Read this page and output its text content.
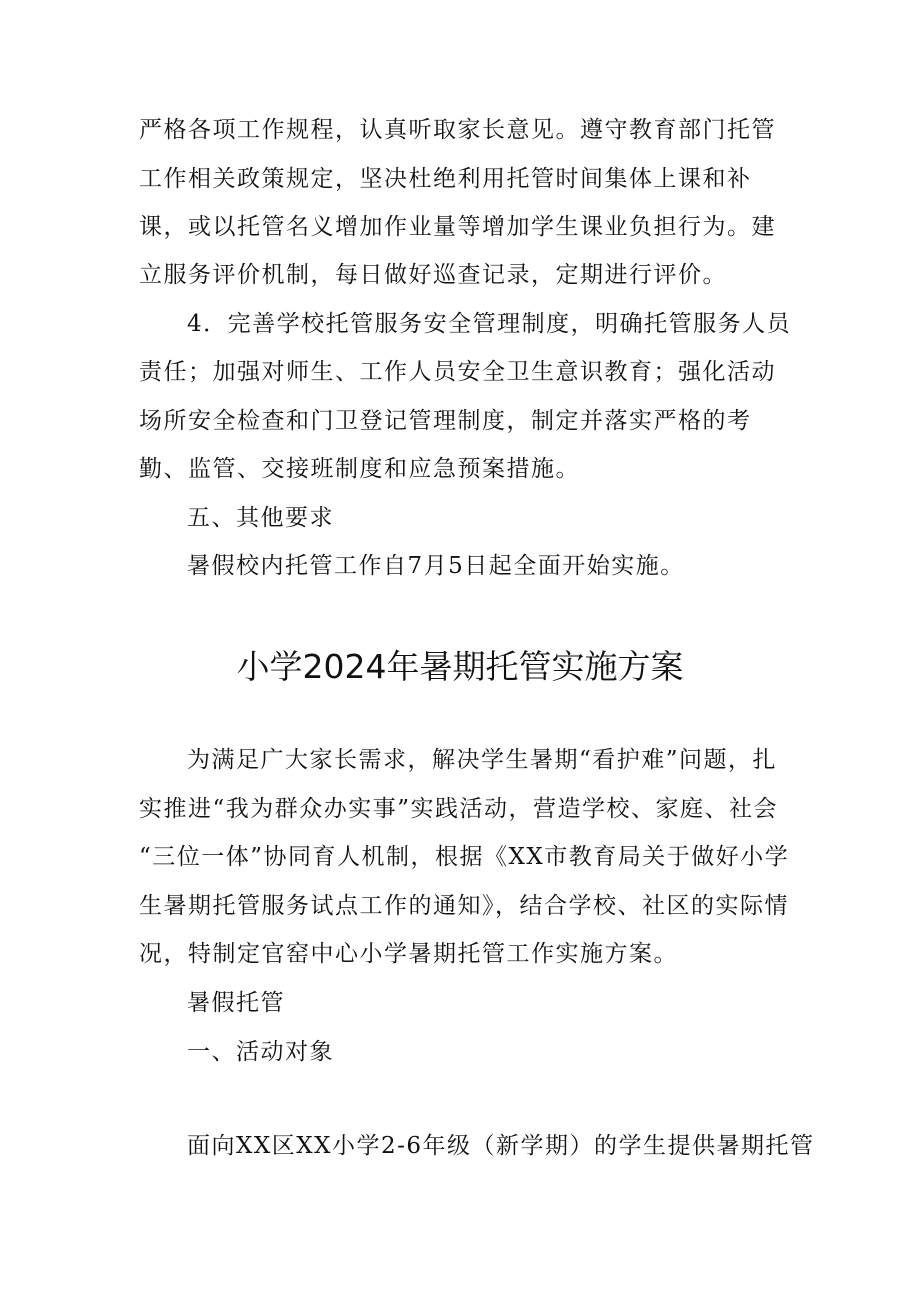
严格各项工作规程，认真听取家长意见。遵守教育部门托管
工作相关政策规定，坚决杜绝利用托管时间集体上课和补
课，或以托管名义增加作业量等增加学生课业负担行为。建
立服务评价机制，每日做好巡查记录，定期进行评价。
4．完善学校托管服务安全管理制度，明确托管服务人员
责任；加强对师生、工作人员安全卫生意识教育；强化活动
场所安全检查和门卫登记管理制度，制定并落实严格的考
勤、监管、交接班制度和应急预案措施。
五、其他要求
暑假校内托管工作自7月5日起全面开始实施。
小学2024年暑期托管实施方案
为满足广大家长需求，解决学生暑期“看护难”问题，扎
实推进“我为群众办实事”实践活动，营造学校、家庭、社会
“三位一体”协同育人机制，根据《XX市教育局关于做好小学
生暑期托管服务试点工作的通知》，结合学校、社区的实际情
况，特制定官窑中心小学暑期托管工作实施方案。
暑假托管
一、活动对象
面向XX区XX小学2-6年级（新学期）的学生提供暑期托管
